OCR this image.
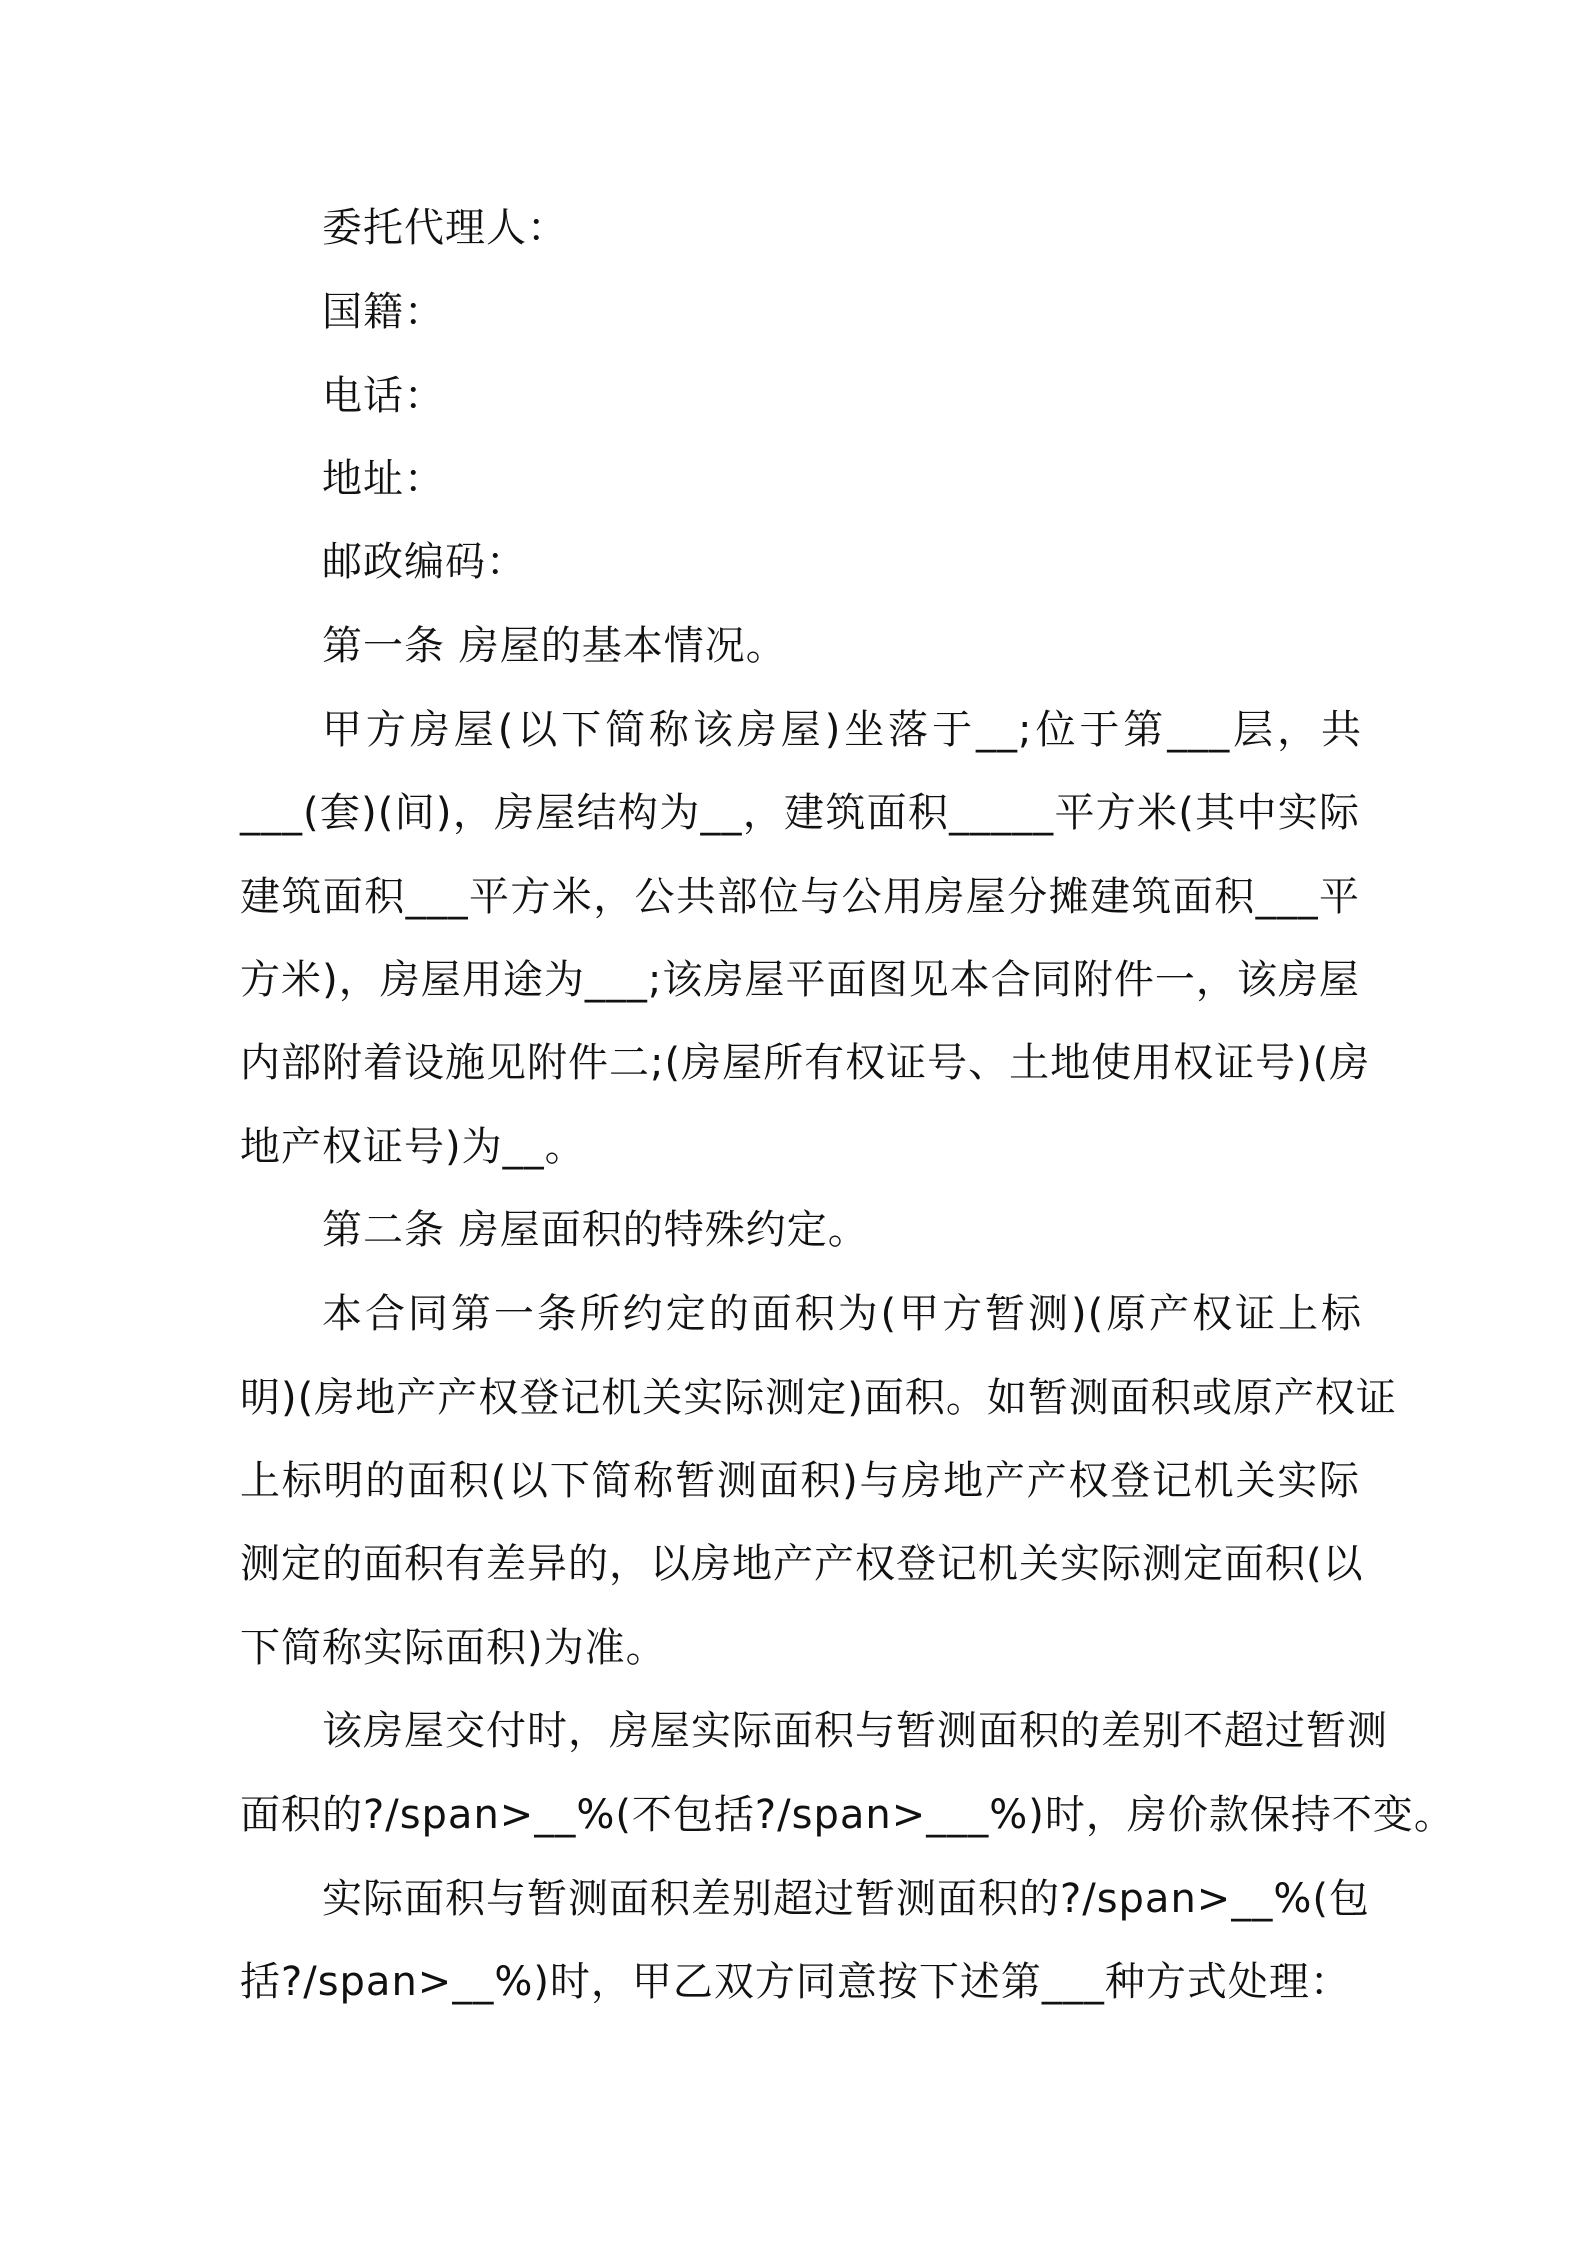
委托代理人：
国籍：
电话：
地址：
邮政编码：
第一条 房屋的基本情况。
甲方房屋(以下简称该房屋)坐落于__;位于第___层，共
___(套)(间)，房屋结构为__，建筑面积_____平方米(其中实际
建筑面积___平方米，公共部位与公用房屋分摊建筑面积___平
方米)，房屋用途为___;该房屋平面图见本合同附件一，该房屋
内部附着设施见附件二;(房屋所有权证号、土地使用权证号)(房
地产权证号)为__。
第二条 房屋面积的特殊约定。
本合同第一条所约定的面积为(甲方暂测)(原产权证上标
明)(房地产产权登记机关实际测定)面积。如暂测面积或原产权证
上标明的面积(以下简称暂测面积)与房地产产权登记机关实际
测定的面积有差异的，以房地产产权登记机关实际测定面积(以
下简称实际面积)为准。
该房屋交付时，房屋实际面积与暂测面积的差别不超过暂测
面积的?/span>__%(不包括?/span>___%)时，房价款保持不变。
实际面积与暂测面积差别超过暂测面积的?/span>__%(包
括?/span>__%)时，甲乙双方同意按下述第___种方式处理：
